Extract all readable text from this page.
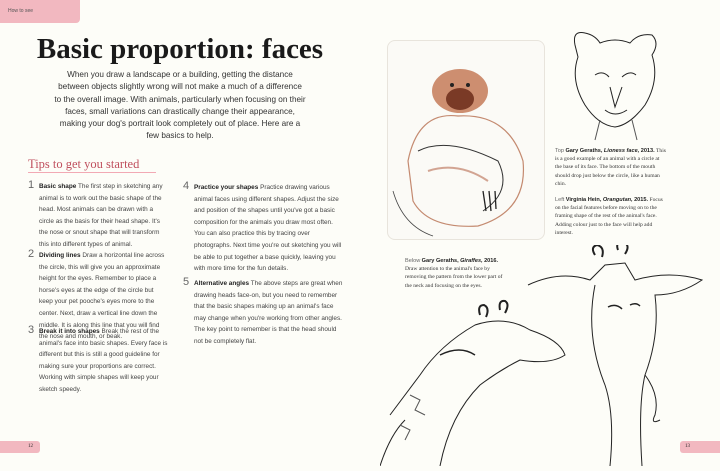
How to see
Basic proportion: faces

When you draw a landscape or a building, getting the distance between objects slightly wrong will not make a much of a difference to the overall image. With animals, particularly when focusing on their faces, small variations can drastically change their appearance, making your dog's portrait look completely out of place. Here are a few basics to help.

Tips to get you started
1 Basic shape The first step in sketching any animal is to work out the basic shape of the head. Most animals can be drawn with a circle as the basis for their head shape. It's the nose or snout shape that will transform this into different types of animal.
2 Dividing lines Draw a horizontal line across the circle, this will give you an approximate height for the eyes. Remember to place a horse's eyes at the edge of the circle but keep your pet pooche's eyes more to the center. Next, draw a vertical line down the middle. It is along this line that you will find the nose and mouth, or beak.
3 Break it into shapes Break the rest of the animal's face into basic shapes. Every face is different but this is still a good guideline for making sure your proportions are correct. Working with simple shapes will keep your sketch speedy.
4 Practice your shapes Practice drawing various animal faces using different shapes. Adjust the size and position of the shapes until you've got a basic composition for the animals you draw most often. You can also practice this by tracing over photographs. Next time you're out sketching you will be able to put together a base quickly, leaving you with more time for the fun details.
5 Alternative angles The above steps are great when drawing heads face-on, but you need to remember that the basic shapes making up an animal's face may change when you're working from other angles. The key point to remember is that the head should not be completely flat.
12	13
Top Gary Geraths, Lioness face, 2013. This is a good example of an animal with a circle at the base of its face. The bottom of the mouth should drop just below the circle, like a human chin.
Left Virginia Hein, Orangutan, 2015. Focus on the facial features before moving on to the framing shape of the rest of the animal's face. Adding colour just to the face will help add interest.
Below Gary Geraths, Giraffes, 2016. Draw attention to the animal's face by removing the pattern from the lower part of the neck and focusing on the eyes.
